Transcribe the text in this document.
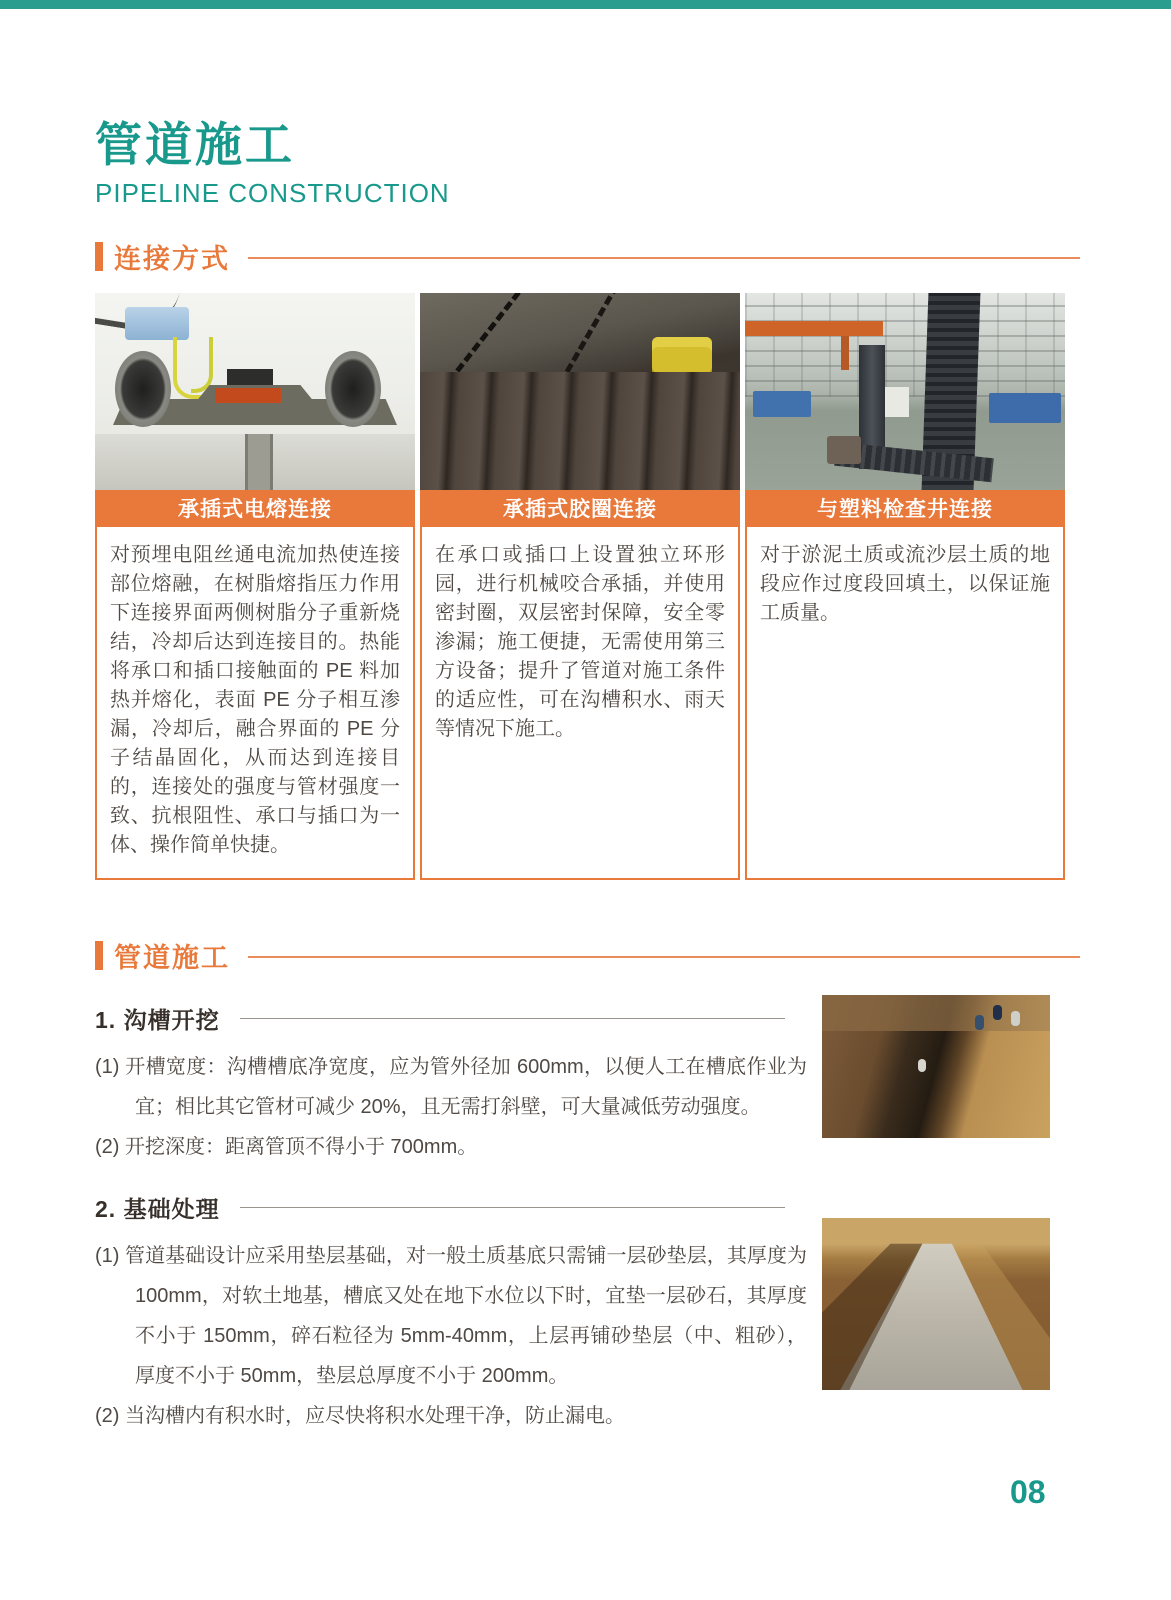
管道施工
PIPELINE CONSTRUCTION
连接方式
承插式电熔连接
对预埋电阻丝通电流加热使连接部位熔融，在树脂熔指压力作用下连接界面两侧树脂分子重新烧结，冷却后达到连接目的。热能将承口和插口接触面的 PE 料加热并熔化，表面 PE 分子相互渗漏，冷却后，融合界面的 PE 分子结晶固化，从而达到连接目的，连接处的强度与管材强度一致、抗根阻性、承口与插口为一体、操作简单快捷。
承插式胶圈连接
在承口或插口上设置独立环形园，进行机械咬合承插，并使用密封圈，双层密封保障，安全零渗漏；施工便捷，无需使用第三方设备；提升了管道对施工条件的适应性，可在沟槽积水、雨天等情况下施工。
与塑料检查井连接
对于淤泥土质或流沙层土质的地段应作过度段回填土，以保证施工质量。
管道施工
1. 沟槽开挖

(1) 开槽宽度：沟槽槽底净宽度，应为管外径加 600mm，以便人工在槽底作业为宜；相比其它管材可减少 20%，且无需打斜壁，可大量减低劳动强度。

(2) 开挖深度：距离管顶不得小于 700mm。

2. 基础处理

(1) 管道基础设计应采用垫层基础，对一般土质基底只需铺一层砂垫层，其厚度为 100mm，对软土地基，槽底又处在地下水位以下时，宜垫一层砂石，其厚度不小于 150mm，碎石粒径为 5mm-40mm，上层再铺砂垫层（中、粗砂），厚度不小于 50mm，垫层总厚度不小于 200mm。

(2) 当沟槽内有积水时，应尽快将积水处理干净，防止漏电。

08
